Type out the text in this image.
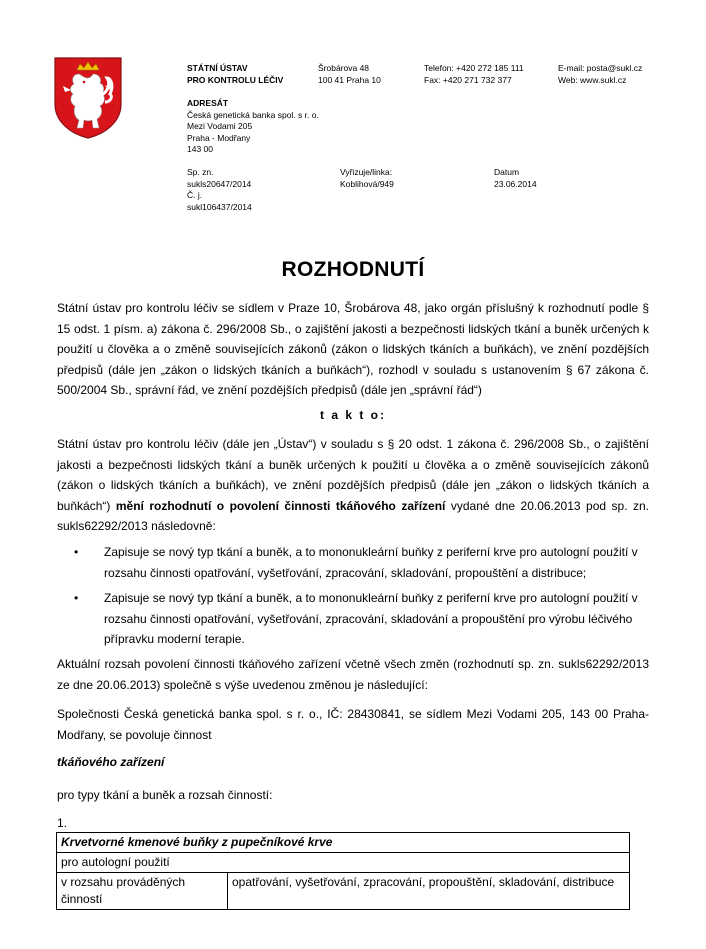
STÁTNÍ ÚSTAV
PRO KONTROLU LÉČIV
Šrobárova 48
100 41 Praha 10
Telefon: +420 272 185 111
Fax: +420 271 732 377
E-mail: posta@sukl.cz
Web: www.sukl.cz
ADRESÁT
Česká genetická banka spol. s r. o.
Mezi Vodami 205
Praha - Modřany
143 00
Sp. zn.
sukls20647/2014
Č. j.
sukl106437/2014
Vyřizuje/linka:
Koblihová/949
Datum
23.06.2014
ROZHODNUTÍ
Státní ústav pro kontrolu léčiv se sídlem v Praze 10, Šrobárova 48, jako orgán příslušný k rozhodnutí podle § 15 odst. 1 písm. a) zákona č. 296/2008 Sb., o zajištění jakosti a bezpečnosti lidských tkání a buněk určených k použití u člověka a o změně souvisejících zákonů (zákon o lidských tkáních a buňkách), ve znění pozdějších předpisů (dále jen „zákon o lidských tkáních a buňkách“), rozhodl v souladu s ustanovením § 67 zákona č. 500/2004 Sb., správní řád, ve znění pozdějších předpisů (dále jen „správní řád“)
t a k t o:
Státní ústav pro kontrolu léčiv (dále jen „Ústav“) v souladu s § 20 odst. 1 zákona č. 296/2008 Sb., o zajištění jakosti a bezpečnosti lidských tkání a buněk určených k použití u člověka a o změně souvisejících zákonů (zákon o lidských tkáních a buňkách), ve znění pozdějších předpisů (dále jen „zákon o lidských tkáních a buňkách“) mění rozhodnutí o povolení činnosti tkáňového zařízení vydané dne 20.06.2013 pod sp. zn. sukls62292/2013 následovně:
• Zapisuje se nový typ tkání a buněk, a to mononukleární buňky z periferní krve pro autologní použití v rozsahu činnosti opatřování, vyšetřování, zpracování, skladování, propouštění a distribuce;
• Zapisuje se nový typ tkání a buněk, a to mononukleární buňky z periferní krve pro autologní použití v rozsahu činnosti opatřování, vyšetřování, zpracování, skladování a propouštění pro výrobu léčivého přípravku moderní terapie.
Aktuální rozsah povolení činnosti tkáňového zařízení včetně všech změn (rozhodnutí sp. zn. sukls62292/2013 ze dne 20.06.2013) společně s výše uvedenou změnou je následující:
Společnosti Česká genetická banka spol. s r. o., IČ: 28430841, se sídlem Mezi Vodami 205, 143 00 Praha-Modřany, se povoluje činnost
tkáňového zařízení
pro typy tkání a buněk a rozsah činností:
1.
Krvetvorné kmenové buňky z pupečníkové krve
pro autologní použití
v rozsahu prováděných činností	opatřování, vyšetřování, zpracování, propouštění, skladování, distribuce
